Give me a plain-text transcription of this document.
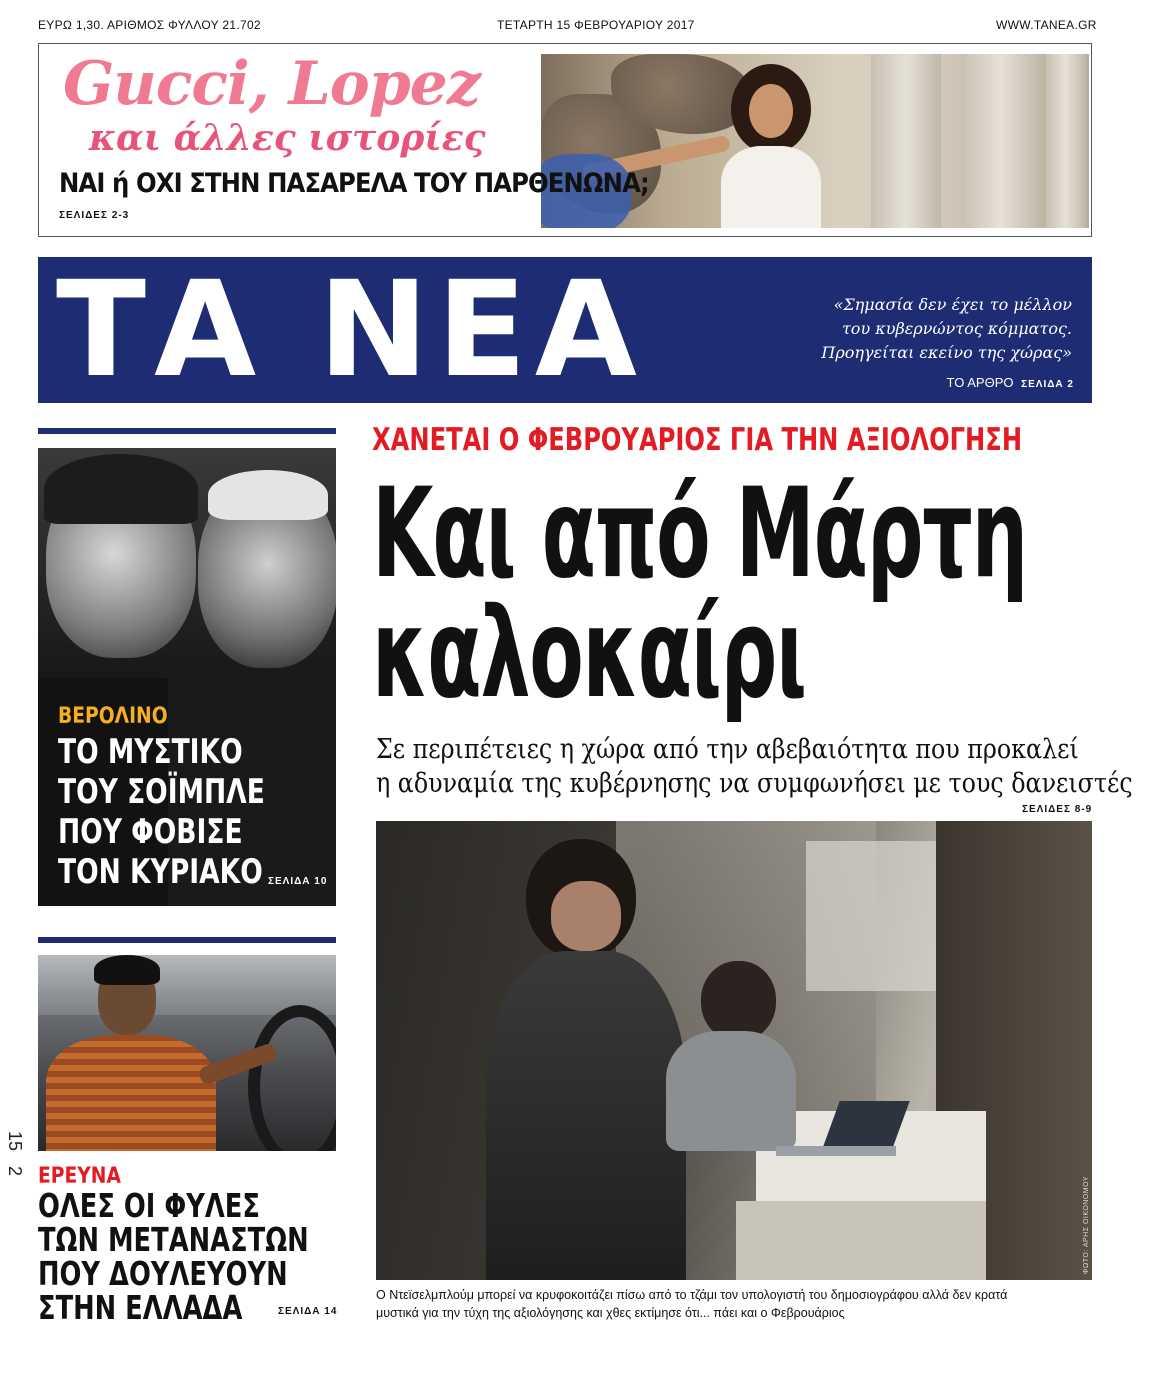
ΕΥΡΩ 1,30. ΑΡΙΘΜΟΣ ΦΥΛΛΟΥ 21.702	ΤΕΤΑΡΤΗ 15 ΦΕΒΡΟΥΑΡΙΟΥ 2017	WWW.TANEA.GR
Gucci, Lopez
και άλλες ιστορίες
ΝΑΙ ή ΟΧΙ ΣΤΗΝ ΠΑΣΑΡΕΛΑ ΤΟΥ ΠΑΡΘΕΝΩΝΑ;
ΣΕΛΙΔΕΣ 2-3
ΤΑ ΝΕΑ	«Σημασία δεν έχει το μέλλον
του κυβερνώντος κόμματος.
Προηγείται εκείνο της χώρας»
ΤΟ ΑΡΘΡΟ ΣΕΛΙΔΑ 2
ΒΕΡΟΛΙΝΟ
ΤΟ ΜΥΣΤΙΚΟ
ΤΟΥ ΣΟΪΜΠΛΕ
ΠΟΥ ΦΟΒΙΣΕ
ΤΟΝ ΚΥΡΙΑΚΟ ΣΕΛΙΔΑ 10
ΕΡΕΥΝΑ
ΟΛΕΣ ΟΙ ΦΥΛΕΣ
ΤΩΝ ΜΕΤΑΝΑΣΤΩΝ
ΠΟΥ ΔΟΥΛΕΥΟΥΝ
ΣΤΗΝ ΕΛΛΑΔΑ	ΣΕΛΙΔΑ 14
15
2
ΧΑΝΕΤΑΙ Ο ΦΕΒΡΟΥΑΡΙΟΣ ΓΙΑ ΤΗΝ ΑΞΙΟΛΟΓΗΣΗ
Και από Μάρτη
καλοκαίρι
Σε περιπέτειες η χώρα από την αβεβαιότητα που προκαλεί
η αδυναμία της κυβέρνησης να συμφωνήσει με τους δανειστές
ΣΕΛΙΔΕΣ 8-9
ΦΩΤΟ: ΑΡΗΣ ΟΙΚΟΝΟΜΟΥ
Ο Ντεϊσελμπλούμ μπορεί να κρυφοκοιτάζει πίσω από το τζάμι τον υπολογιστή του δημοσιογράφου αλλά δεν κρατά
μυστικά για την τύχη της αξιολόγησης και χθες εκτίμησε ότι... πάει και ο Φεβρουάριος
